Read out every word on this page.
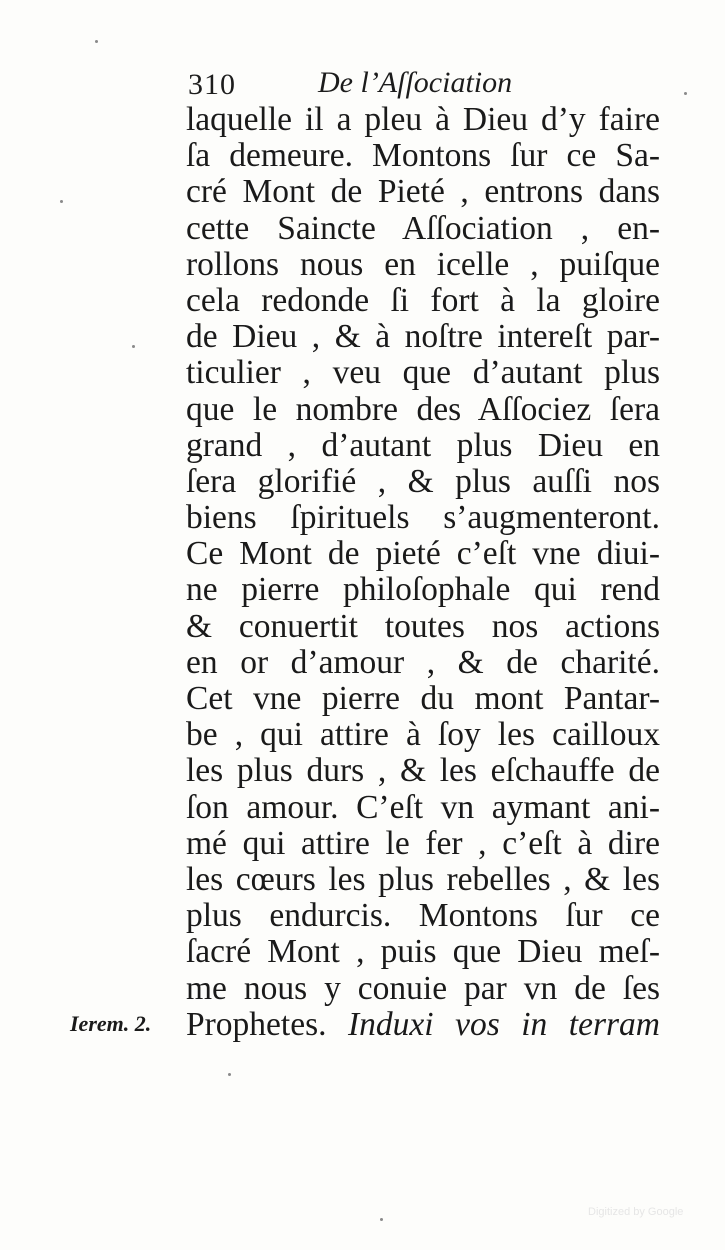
310	De l’Aſſociation
laquelle il a pleu à Dieu d’y faire
ſa demeure. Montons ſur ce Sa-
cré Mont de Pieté , entrons dans
cette Saincte Aſſociation , en-
rollons nous en icelle , puiſque
cela redonde ſi fort à la gloire
de Dieu , & à noſtre intereſt par-
ticulier , veu que d’autant plus
que le nombre des Aſſociez ſera
grand , d’autant plus Dieu en
ſera glorifié , & plus auſſi nos
biens ſpirituels s’augmenteront.
Ce Mont de pieté c’eſt vne diui-
ne pierre philoſophale qui rend
& conuertit toutes nos actions
en or d’amour , & de charité.
Cet vne pierre du mont Pantar-
be , qui attire à ſoy les cailloux
les plus durs , & les eſchauffe de
ſon amour. C’eſt vn aymant ani-
mé qui attire le fer , c’eſt à dire
les cœurs les plus rebelles , & les
plus endurcis. Montons ſur ce
ſacré Mont , puis que Dieu meſ-
me nous y conuie par vn de ſes
Prophetes. Induxi vos in terram
Ierem. 2.
Digitized by Google
